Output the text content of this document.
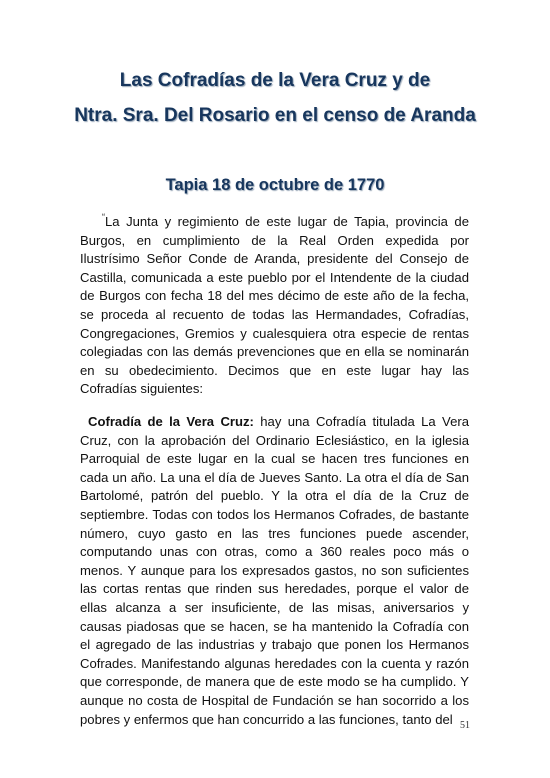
Las Cofradías de la Vera Cruz y de
Ntra. Sra. Del Rosario en el censo de Aranda
Tapia 18 de octubre de 1770

“La Junta y regimiento de este lugar de Tapia, provincia de Burgos, en cumplimiento de la Real Orden expedida por Ilustrísimo Señor Conde de Aranda, presidente del Consejo de Castilla, comunicada a este pueblo por el Intendente de la ciudad de Burgos con fecha 18 del mes décimo de este año de la fecha, se proceda al recuento de todas las Hermandades, Cofradías, Congregaciones, Gremios y cualesquiera otra especie de rentas colegiadas con las demás prevenciones que en ella se nominarán en su obedecimiento. Decimos que en este lugar hay las Cofradías siguientes:

Cofradía de la Vera Cruz: hay una Cofradía titulada La Vera Cruz, con la aprobación del Ordinario Eclesiástico, en la iglesia Parroquial de este lugar en la cual se hacen tres funciones en cada un año. La una el día de Jueves Santo. La otra el día de San Bartolomé, patrón del pueblo. Y la otra el día de la Cruz de septiembre. Todas con todos los Hermanos Cofrades, de bastante número, cuyo gasto en las tres funciones puede ascender, computando unas con otras, como a 360 reales poco más o menos. Y aunque para los expresados gastos, no son suficientes las cortas rentas que rinden sus heredades, porque el valor de ellas alcanza a ser insuficiente, de las misas, aniversarios y causas piadosas que se hacen, se ha mantenido la Cofradía con el agregado de las industrias y trabajo que ponen los Hermanos Cofrades. Manifestando algunas heredades con la cuenta y razón que corresponde, de manera que de este modo se ha cumplido. Y aunque no costa de Hospital de Fundación se han socorrido a los pobres y enfermos que han concurrido a las funciones, tanto del 51
